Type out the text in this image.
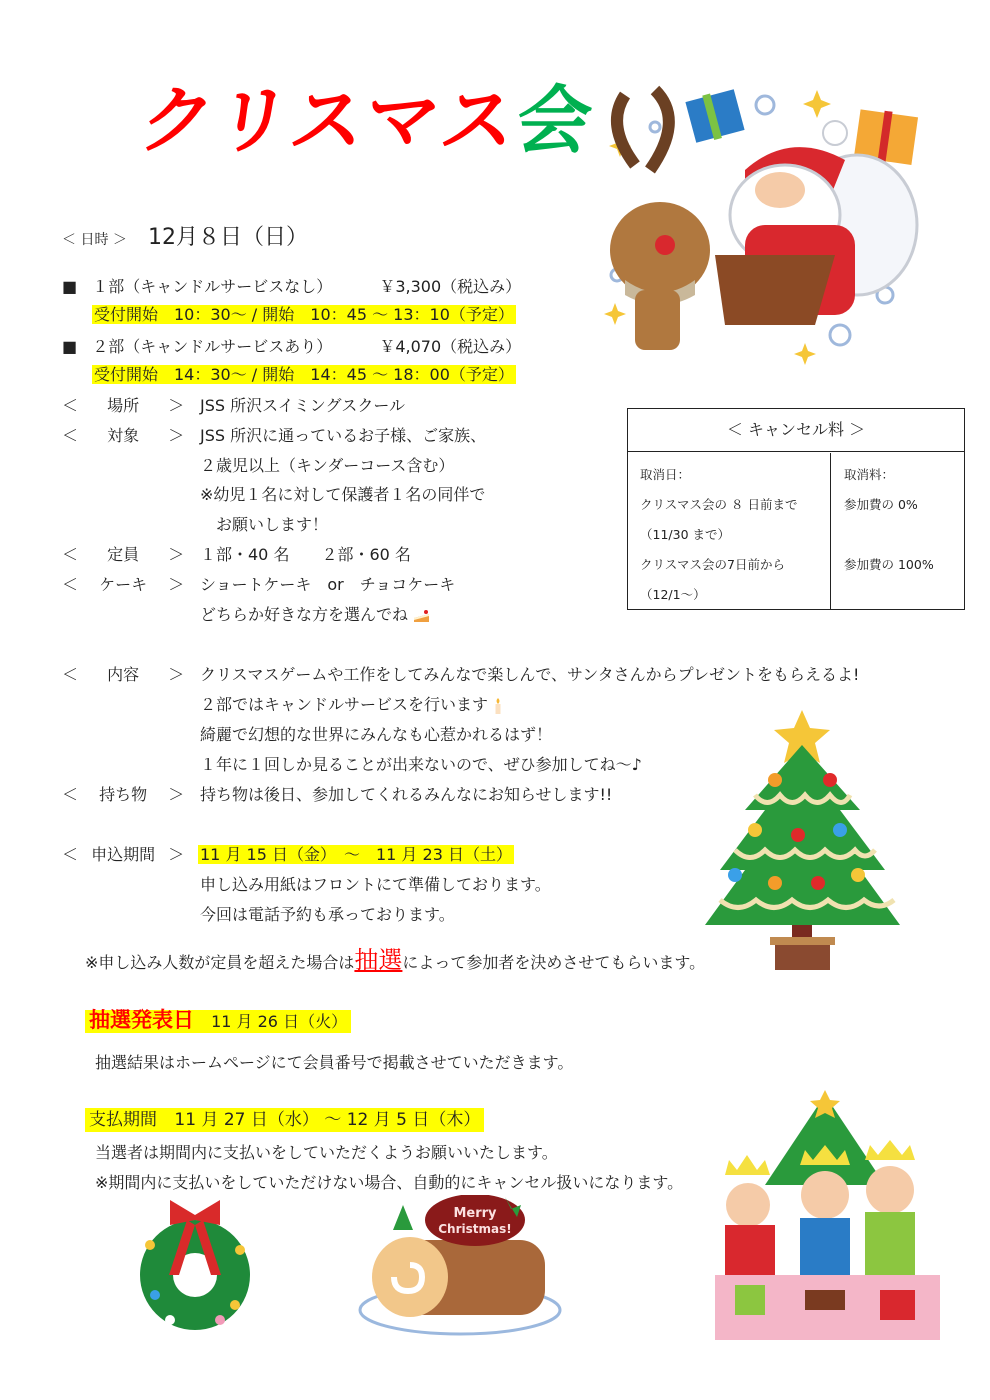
クリスマス会
＜ 日時 ＞ 12月８日（日）
■ １部（キャンドルサービスなし）	￥3,300（税込み）
受付開始　10：30～ / 開始　10：45 ～ 13：10（予定）
■ ２部（キャンドルサービスあり）	￥4,070（税込み）
受付開始　14：30～ / 開始　14：45 ～ 18：00（予定）
＜ 場所 ＞ JSS 所沢スイミングスクール
＜ 対象 ＞ JSS 所沢に通っているお子様、ご家族、
２歳児以上（キンダーコース含む）
※幼児１名に対して保護者１名の同伴で
　お願いします！
＜ 定員 ＞ １部・40 名　　２部・60 名
＜ ケーキ ＞ ショートケーキ　or　チョコケーキ
どちらか好きな方を選んでね
＜ キャンセル料 ＞
取消日：
クリスマス会の ８ 日前まで
（11/30 まで）
クリスマス会の7日前から
（12/1～）
取消料：
参加費の 0%
参加費の 100%
＜ 内容 ＞ クリスマスゲームや工作をしてみんなで楽しんで、サンタさんからプレゼントをもらえるよ!
２部ではキャンドルサービスを行います
綺麗で幻想的な世界にみんなも心惹かれるはず！
１年に１回しか見ることが出来ないので、ぜひ参加してね～♪
＜ 持ち物 ＞ 持ち物は後日、参加してくれるみんなにお知らせします!!
＜ 申込期間 ＞ 11 月 15 日（金）　～　11 月 23 日（土）
申し込み用紙はフロントにて準備しております。
今回は電話予約も承っております。
※申し込み人数が定員を超えた場合は抽選によって参加者を決めさせてもらいます。
抽選発表日 11 月 26 日（火）
抽選結果はホームページにて会員番号で掲載させていただきます。
支払期間 11 月 27 日（水） ～ 12 月 5 日（木）
当選者は期間内に支払いをしていただくようお願いいたします。
※期間内に支払いをしていただけない場合、自動的にキャンセル扱いになります。
Merry
Christmas!
